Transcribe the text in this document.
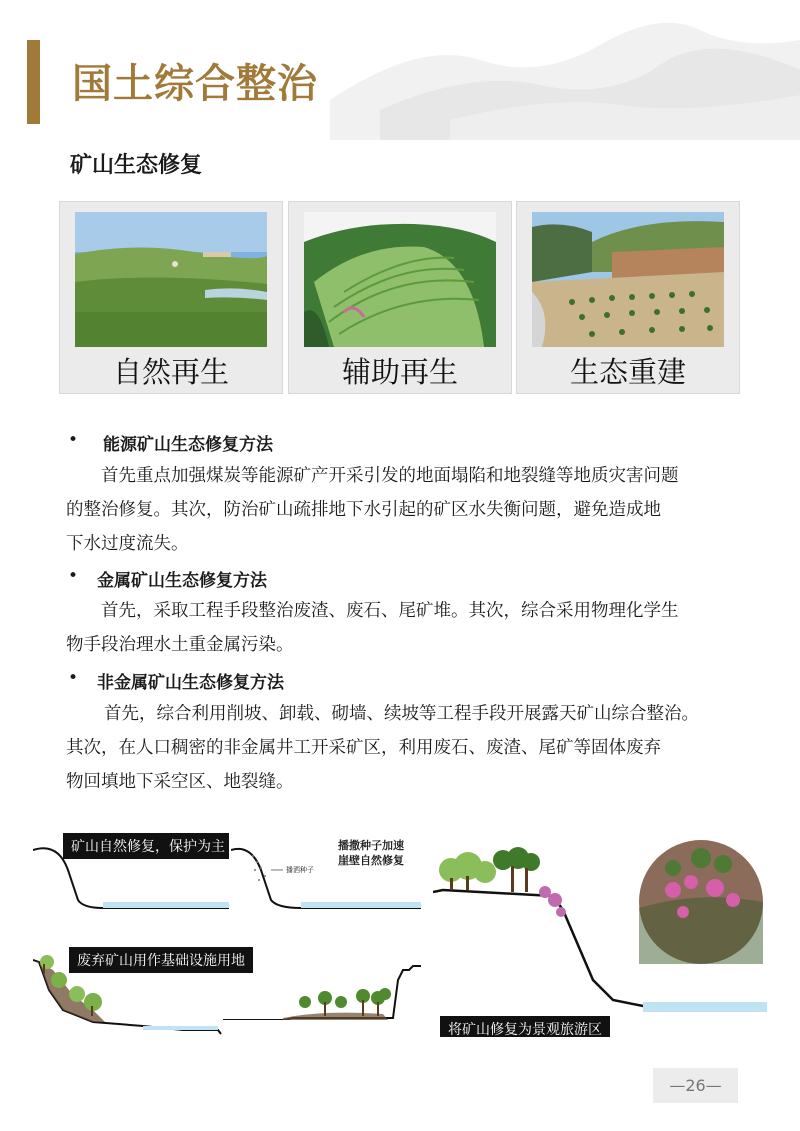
国土综合整治
矿山生态修复
自然再生	辅助再生	生态重建
• 能源矿山生态修复方法
首先重点加强煤炭等能源矿产开采引发的地面塌陷和地裂缝等地质灾害问题
的整治修复。其次，防治矿山疏排地下水引起的矿区水失衡问题，避免造成地
下水过度流失。
• 金属矿山生态修复方法
首先，采取工程手段整治废渣、废石、尾矿堆。其次，综合采用物理化学生
物手段治理水土重金属污染。
• 非金属矿山生态修复方法
首先，综合利用削坡、卸载、砌墙、续坡等工程手段开展露天矿山综合整治。
其次，在人口稠密的非金属井工开采矿区，利用废石、废渣、尾矿等固体废弃
物回填地下采空区、地裂缝。
矿山自然修复，保护为主
播洒种子
播撒种子加速
崖壁自然修复
废弃矿山用作基础设施用地
将矿山修复为景观旅游区
—26—
